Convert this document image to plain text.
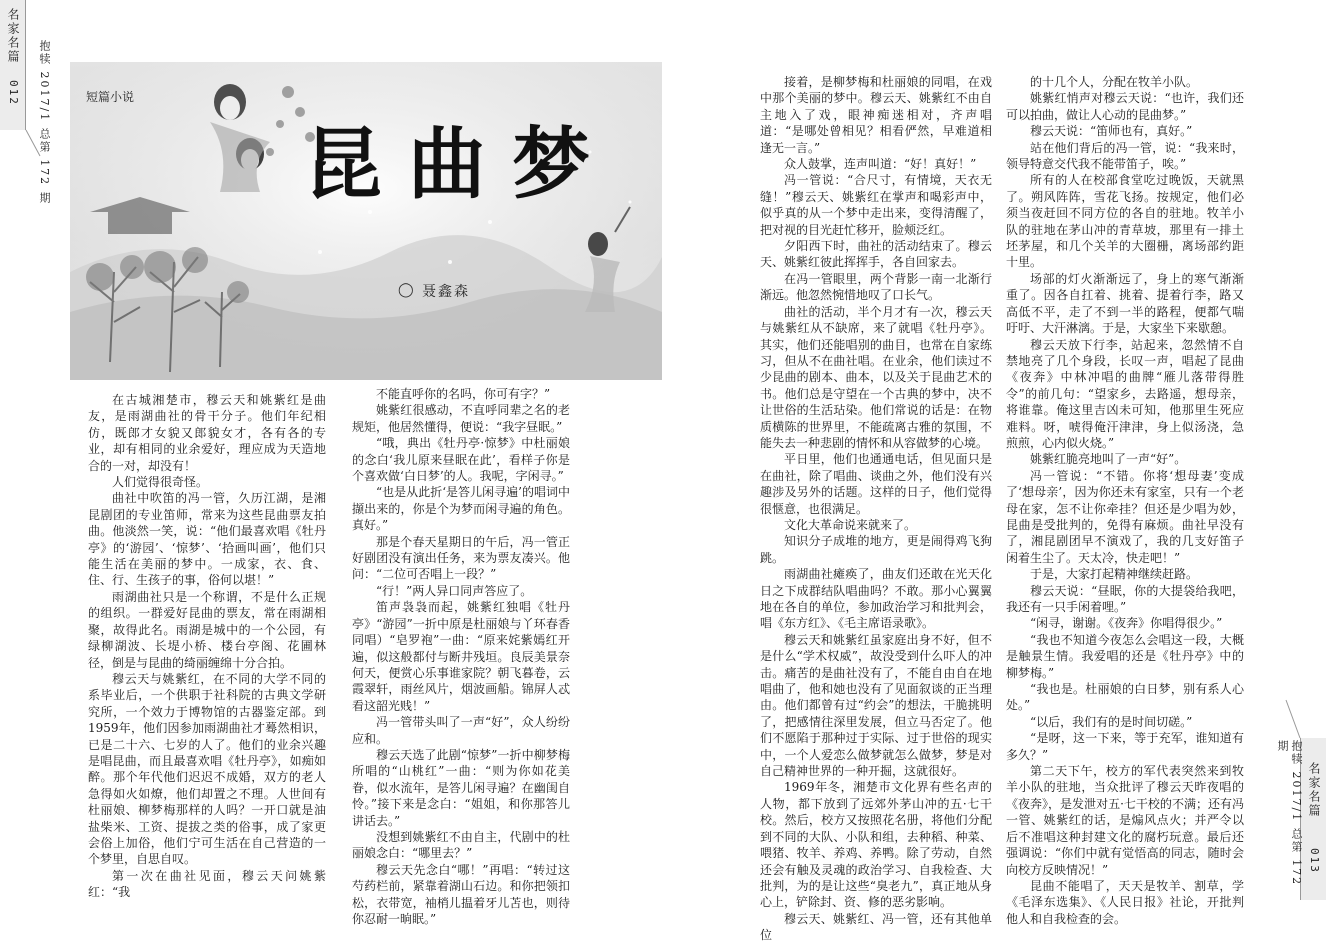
名家名篇
012 抱犊 2017/1 总第 172 期
名家名篇
013
抱犊 2017/1 总第 172 期
短篇小说
昆曲梦
◯ 聂鑫森

在古城湘楚市，穆云天和姚紫红是曲友，是雨湖曲社的骨干分子。他们年纪相仿，既郎才女貌又郎貌女才，各有各的专业，却有相同的业余爱好，理应成为天造地合的一对，却没有！

人们觉得很奇怪。

曲社中吹笛的冯一管，久历江湖，是湘昆剧团的专业笛师，常来为这些昆曲票友拍曲。他淡然一笑，说：“他们最喜欢唱《牡丹亭》的‘游园’、‘惊梦’、‘拾画叫画’，他们只能生活在美丽的梦中。一成家，衣、食、住、行、生孩子的事，俗何以堪！”

雨湖曲社只是一个称谓，不是什么正规的组织。一群爱好昆曲的票友，常在雨湖相聚，故得此名。雨湖是城中的一个公园，有绿柳湖波、长堤小桥、楼台亭阁、花圃林径，倒是与昆曲的绮丽缠绵十分合拍。

穆云天与姚紫红，在不同的大学不同的系毕业后，一个供职于社科院的古典文学研究所，一个效力于博物馆的古器鉴定部。到1959年，他们因参加雨湖曲社才蓦然相识，已是二十六、七岁的人了。他们的业余兴趣是唱昆曲，而且最喜欢唱《牡丹亭》，如痴如醉。那个年代他们迟迟不成婚，双方的老人急得如火如燎，他们却置之不理。人世间有杜丽娘、柳梦梅那样的人吗？一开口就是油盐柴米、工资、提拔之类的俗事，成了家更会俗上加俗，他们宁可生活在自己营造的一个梦里，自思自叹。

第一次在曲社见面，穆云天问姚紫红：“我

不能直呼你的名吗，你可有字？”

姚紫红很感动，不直呼同辈之名的老规矩，他居然懂得，便说：“我字昼眠。”

“哦，典出《牡丹亭·惊梦》中杜丽娘的念白‘我儿原来昼眠在此’，看样子你是个喜欢做‘白日梦’的人。我呢，字闲寻。”

“也是从此折‘是答儿闲寻遍’的唱词中撷出来的，你是个为梦而闲寻遍的角色。真好。”

那是个春天星期日的午后，冯一管正好剧团没有演出任务，来为票友凑兴。他问：“二位可否唱上一段？”

“行！”两人异口同声答应了。

笛声袅袅而起，姚紫红独唱《牡丹亭》“游园”一折中原是杜丽娘与丫环春香同唱）“皂罗袍”一曲：“原来姹紫嫣红开遍，似这般都付与断井残垣。良辰美景奈何天，便赏心乐事谁家院？朝飞暮卷，云霞翠轩，雨丝风片，烟波画船。锦屏人忒看这韶光贱！”

冯一管带头叫了一声“好”，众人纷纷应和。

穆云天选了此剧“惊梦”一折中柳梦梅所唱的“山桃红”一曲：“则为你如花美眷，似水流年，是答儿闲寻遍？在幽闺自怜。”接下来是念白：“姐姐，和你那答儿讲话去。”

没想到姚紫红不由自主，代剧中的杜丽娘念白：“哪里去？”

穆云天先念白“哪！”再唱：“转过这芍药栏前，紧靠着湖山石边。和你把领扣松，衣带宽，袖梢儿揾着牙儿苫也，则待你忍耐一晌眠。”

接着，是柳梦梅和杜丽娘的同唱，在戏中那个美丽的梦中。穆云天、姚紫红不由自主地入了戏，眼神痴迷相对，齐声唱道：“是哪处曾相见？相看俨然，早难道相逢无一言。”

众人鼓掌，连声叫道：“好！真好！”

冯一管说：“合尺寸，有情境，天衣无缝！”穆云天、姚紫红在掌声和喝彩声中，似乎真的从一个梦中走出来，变得清醒了，把对视的目光赶忙移开，脸颊泛红。

夕阳西下时，曲社的活动结束了。穆云天、姚紫红彼此挥挥手，各自回家去。

在冯一管眼里，两个背影一南一北渐行渐远。他忽然惋惜地叹了口长气。

曲社的活动，半个月才有一次，穆云天与姚紫红从不缺席，来了就唱《牡丹亭》。其实，他们还能唱别的曲目，也常在自家练习，但从不在曲社唱。在业余，他们读过不少昆曲的剧本、曲本，以及关于昆曲艺术的书。他们总是守望在一个古典的梦中，决不让世俗的生活玷染。他们常说的话是：在物质横陈的世界里，不能疏离古雅的氛围，不能失去一种悲剧的情怀和从容做梦的心境。

平日里，他们也通通电话，但见面只是在曲社，除了唱曲、谈曲之外，他们没有兴趣涉及另外的话题。这样的日子，他们觉得很惬意，也很满足。

文化大革命说来就来了。

知识分子成堆的地方，更是闹得鸡飞狗跳。

雨湖曲社瘫痪了，曲友们还敢在光天化日之下成群结队唱曲吗？不敢。那小心翼翼地在各自的单位，参加政治学习和批判会，唱《东方红》、《毛主席语录歌》。

穆云天和姚紫红虽家庭出身不好，但不是什么“学术权威”，故没受到什么吓人的冲击。痛苦的是曲社没有了，不能自由自在地唱曲了，他和她也没有了见面叙谈的正当理由。他们都曾有过“约会”的想法，干脆挑明了，把感情往深里发展，但立马否定了。他们不愿陷于那种过于实际、过于世俗的现实中，一个人爱恋么做梦就怎么做梦，梦是对自己精神世界的一种开掘，这就很好。

1969年冬，湘楚市文化界有些名声的人物，都下放到了远郊外茅山冲的五·七干校。然后，校方又按照花名册，将他们分配到不同的大队、小队和组，去种稻、种菜、喂猪、牧羊、养鸡、养鸭。除了劳动，自然还会有触及灵魂的政治学习、自我检查、大批判，为的是让这些“臭老九”，真正地从身心上，铲除封、资、修的恶劣影响。

穆云天、姚紫红、冯一管，还有其他单位

的十几个人，分配在牧羊小队。

姚紫红悄声对穆云天说：“也许，我们还可以拍曲，做让人心动的昆曲梦。”

穆云天说：“笛师也有，真好。”

站在他们背后的冯一管，说：“我来时，领导特意交代我不能带笛子，唉。”

所有的人在校部食堂吃过晚饭，天就黑了。朔风阵阵，雪花飞扬。按规定，他们必须当夜赶回不同方位的各自的驻地。牧羊小队的驻地在茅山冲的青草坡，那里有一排土坯茅屋，和几个关羊的大圈栅，离场部约距十里。

场部的灯火渐渐远了，身上的寒气渐渐重了。因各自扛着、挑着、提着行李，路又高低不平，走了不到一半的路程，便都气喘吁吁、大汗淋漓。于是，大家坐下来歇憩。

穆云天放下行李，站起来，忽然情不自禁地亮了几个身段，长叹一声，唱起了昆曲《夜奔》中林冲唱的曲牌“雁儿落带得胜令”的前几句：“望家乡，去路遥，想母亲，将谁靠。俺这里吉凶未可知，他那里生死应难料。呀，唬得俺汗津津，身上似汤浇，急煎煎，心内似火烧。”

姚紫红脆亮地叫了一声“好”。

冯一管说：“不错。你将‘想母妻’变成了‘想母亲’，因为你还未有家室，只有一个老母在家，怎不让你牵挂？但还是少唱为妙，昆曲是受批判的，免得有麻烦。曲社早没有了，湘昆剧团早不演戏了，我的几支好笛子闲着生尘了。天太冷，快走吧！”

于是，大家打起精神继续赶路。

穆云天说：“昼眠，你的大提袋给我吧，我还有一只手闲着哩。”

“闲寻，谢谢。《夜奔》你唱得很少。”

“我也不知道今夜怎么会唱这一段，大概是触景生情。我爱唱的还是《牡丹亭》中的柳梦梅。”

“我也是。杜丽娘的白日梦，别有系人心处。”

“以后，我们有的是时间切磋。”

“是呀，这一下来，等于充军，谁知道有多久？”

第二天下午，校方的军代表突然来到牧羊小队的驻地，当众批评了穆云天昨夜唱的《夜奔》，是发泄对五·七干校的不满；还有冯一管、姚紫红的话，是煽风点火；并严令以后不准唱这种封建文化的腐朽玩意。最后还强调说：“你们中就有觉悟高的同志，随时会向校方反映情况！”

昆曲不能唱了，天天是牧羊、割草，学《毛泽东选集》、《人民日报》社论，开批判他人和自我检查的会。
